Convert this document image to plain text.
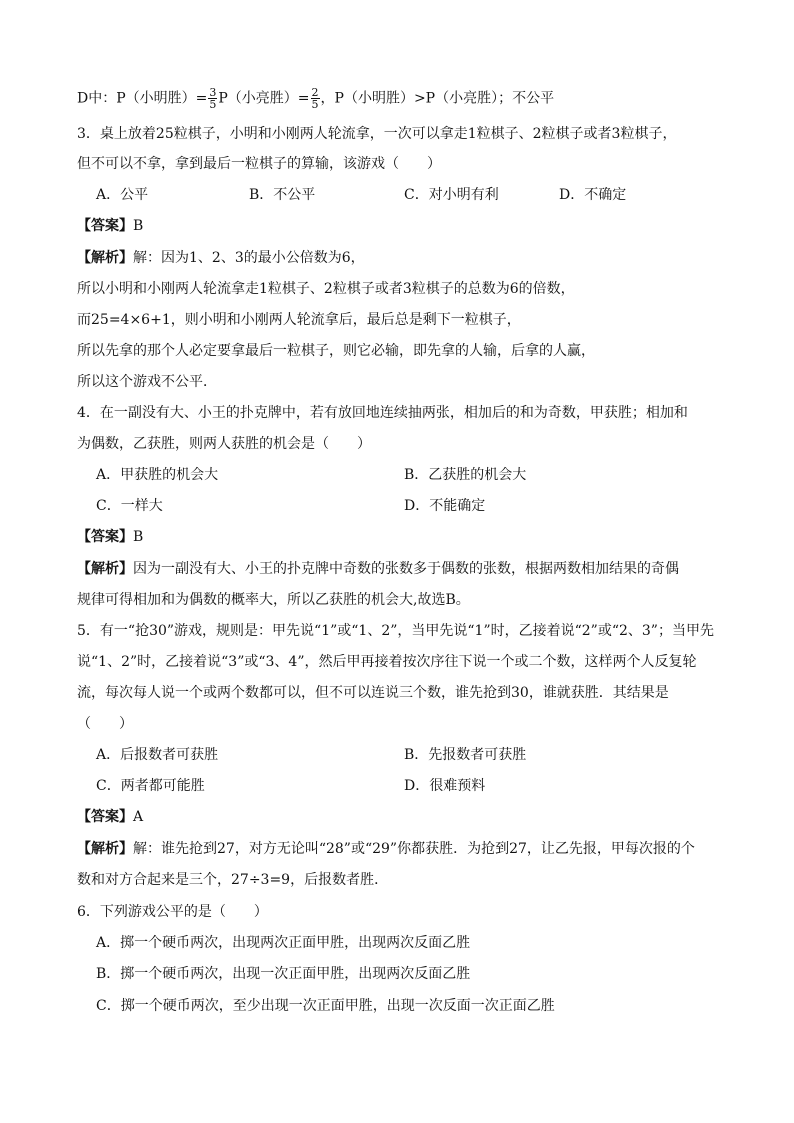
D中：P（小明胜）= $\frac{3}{5} P$（小亮胜）= $\frac{2}{5}$ ，P（小明胜）>P（小亮胜）；不公平
3．桌上放着25粒棋子，小明和小刚两人轮流拿，一次可以拿走1粒棋子、2粒棋子或者3粒棋子，
但不可以不拿，拿到最后一粒棋子的算输，该游戏（　　）
A．公平	B．不公平	C．对小明有利	D．不确定
【答案】B
【解析】解：因为1、2、3的最小公倍数为6，
所以小明和小刚两人轮流拿走1粒棋子、2粒棋子或者3粒棋子的总数为6的倍数，
而25=4×6+1，则小明和小刚两人轮流拿后，最后总是剩下一粒棋子，
所以先拿的那个人必定要拿最后一粒棋子，则它必输，即先拿的人输，后拿的人赢，
所以这个游戏不公平．
4．在一副没有大、小王的扑克牌中，若有放回地连续抽两张，相加后的和为奇数，甲获胜；相加和
为偶数，乙获胜，则两人获胜的机会是（　　）
A．甲获胜的机会大	B．乙获胜的机会大
C．一样大	D．不能确定
【答案】B
【解析】因为一副没有大、小王的扑克牌中奇数的张数多于偶数的张数，根据两数相加结果的奇偶
规律可得相加和为偶数的概率大，所以乙获胜的机会大,故选B。
5．有一“抢30”游戏，规则是：甲先说“1”或“1、2”，当甲先说“1”时，乙接着说“2”或“2、3”；当甲先
说“1、2”时，乙接着说“3”或“3、4”，然后甲再接着按次序往下说一个或二个数，这样两个人反复轮
流，每次每人说一个或两个数都可以，但不可以连说三个数，谁先抢到30，谁就获胜．其结果是
（　　）
A．后报数者可获胜	B．先报数者可获胜
C．两者都可能胜	D．很难预料
【答案】A
【解析】解：谁先抢到27，对方无论叫“28”或“29”你都获胜．为抢到27，让乙先报，甲每次报的个
数和对方合起来是三个，27÷3=9，后报数者胜．
6．下列游戏公平的是（　　）
A．掷一个硬币两次，出现两次正面甲胜，出现两次反面乙胜
B．掷一个硬币两次，出现一次正面甲胜，出现两次反面乙胜
C．掷一个硬币两次，至少出现一次正面甲胜，出现一次反面一次正面乙胜
